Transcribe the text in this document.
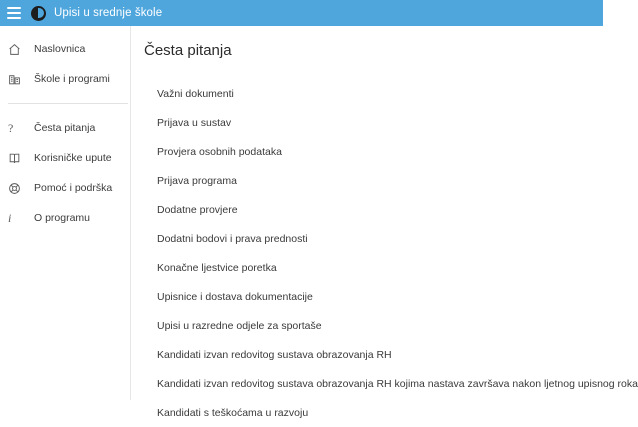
Upisi u srednje škole
Naslovnica
Škole i programi
?	Česta pitanja
Korisničke upute
Pomoć i podrška
i	O programu
Česta pitanja
Važni dokumenti
Prijava u sustav
Provjera osobnih podataka
Prijava programa
Dodatne provjere
Dodatni bodovi i prava prednosti
Konačne ljestvice poretka
Upisnice i dostava dokumentacije
Upisi u razredne odjele za sportaše
Kandidati izvan redovitog sustava obrazovanja RH
Kandidati izvan redovitog sustava obrazovanja RH kojima nastava završava nakon ljetnog upisnog roka
Kandidati s teškoćama u razvoju
